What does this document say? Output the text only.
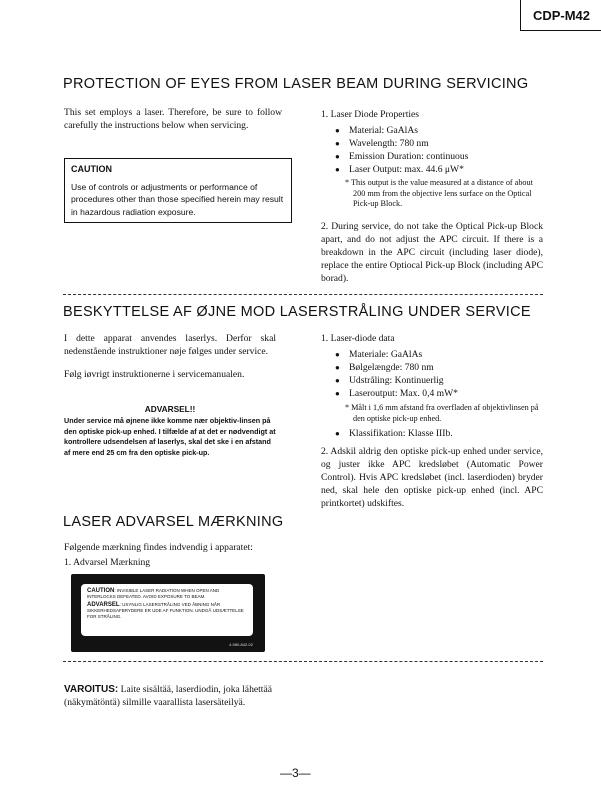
CDP-M42
PROTECTION OF EYES FROM LASER BEAM DURING SERVICING
This set employs a laser. Therefore, be sure to follow carefully the instructions below when servicing.
CAUTION
Use of controls or adjustments or performance of procedures other than those specified herein may result in hazardous radiation exposure.
1. Laser Diode Properties
● Material: GaAlAs
● Wavelength: 780 nm
● Emission Duration: continuous
● Laser Output: max. 44.6 μW*
* This output is the value measured at a distance of about 200 mm from the objective lens surface on the Optical Pick-up Block.
2. During service, do not take the Optical Pick-up Block apart, and do not adjust the APC circuit. If there is a breakdown in the APC circuit (including laser diode), replace the entire Optiocal Pick-up Block (including APC borad).
BESKYTTELSE AF ØJNE MOD LASERSTRÅLING UNDER SERVICE
I dette apparat anvendes laserlys. Derfor skal nedenstående instruktioner nøje følges under service.
Følg iøvrigt instruktionerne i servicemanualen.
ADVARSEL!!
Under service må øjnene ikke komme nær objektiv-linsen på den optiske pick-up enhed. I tilfælde af at det er nødvendigt at kontrollere udsendelsen af laserlys, skal det ske i en afstand af mere end 25 cm fra den optiske pick-up.
1. Laser-diode data
● Materiale: GaAlAs
● Bølgelængde: 780 nm
● Udstråling: Kontinuerlig
● Laseroutput: Max. 0,4 mW*
* Målt i 1,6 mm afstand fra overfladen af objektivlinsen på den optiske pick-up enhed.
● Klassifikation: Klasse IIIb.
2. Adskil aldrig den optiske pick-up enhed under service, og juster ikke APC kredsløbet (Automatic Power Control). Hvis APC kredsløbet (incl. laserdioden) bryder ned, skal hele den optiske pick-up enhed (incl. APC printkortet) udskiftes.
LASER ADVARSEL MÆRKNING
Følgende mærkning findes indvendig i apparatet:
1. Advarsel Mærkning
CAUTION: INVISIBLE LASER RADIATION WHEN OPEN AND INTERLOCKS DEFEATED. AVOID EXPOSURE TO BEAM.
ADVARSEL: USYNLIG LASERSTRÅLING VED ÅBNING NÅR SIKKERHEDSAFBRYDERE ER UDE AF FUNKTION. UNDGÅ UDSÆTTELSE FOR STRÅLING.
4-980-842-02
VAROITUS: Laite sisältää, laserdiodin, joka lähettää (näkymätöntä) silmille vaarallista lasersäteilyä.
—3—
